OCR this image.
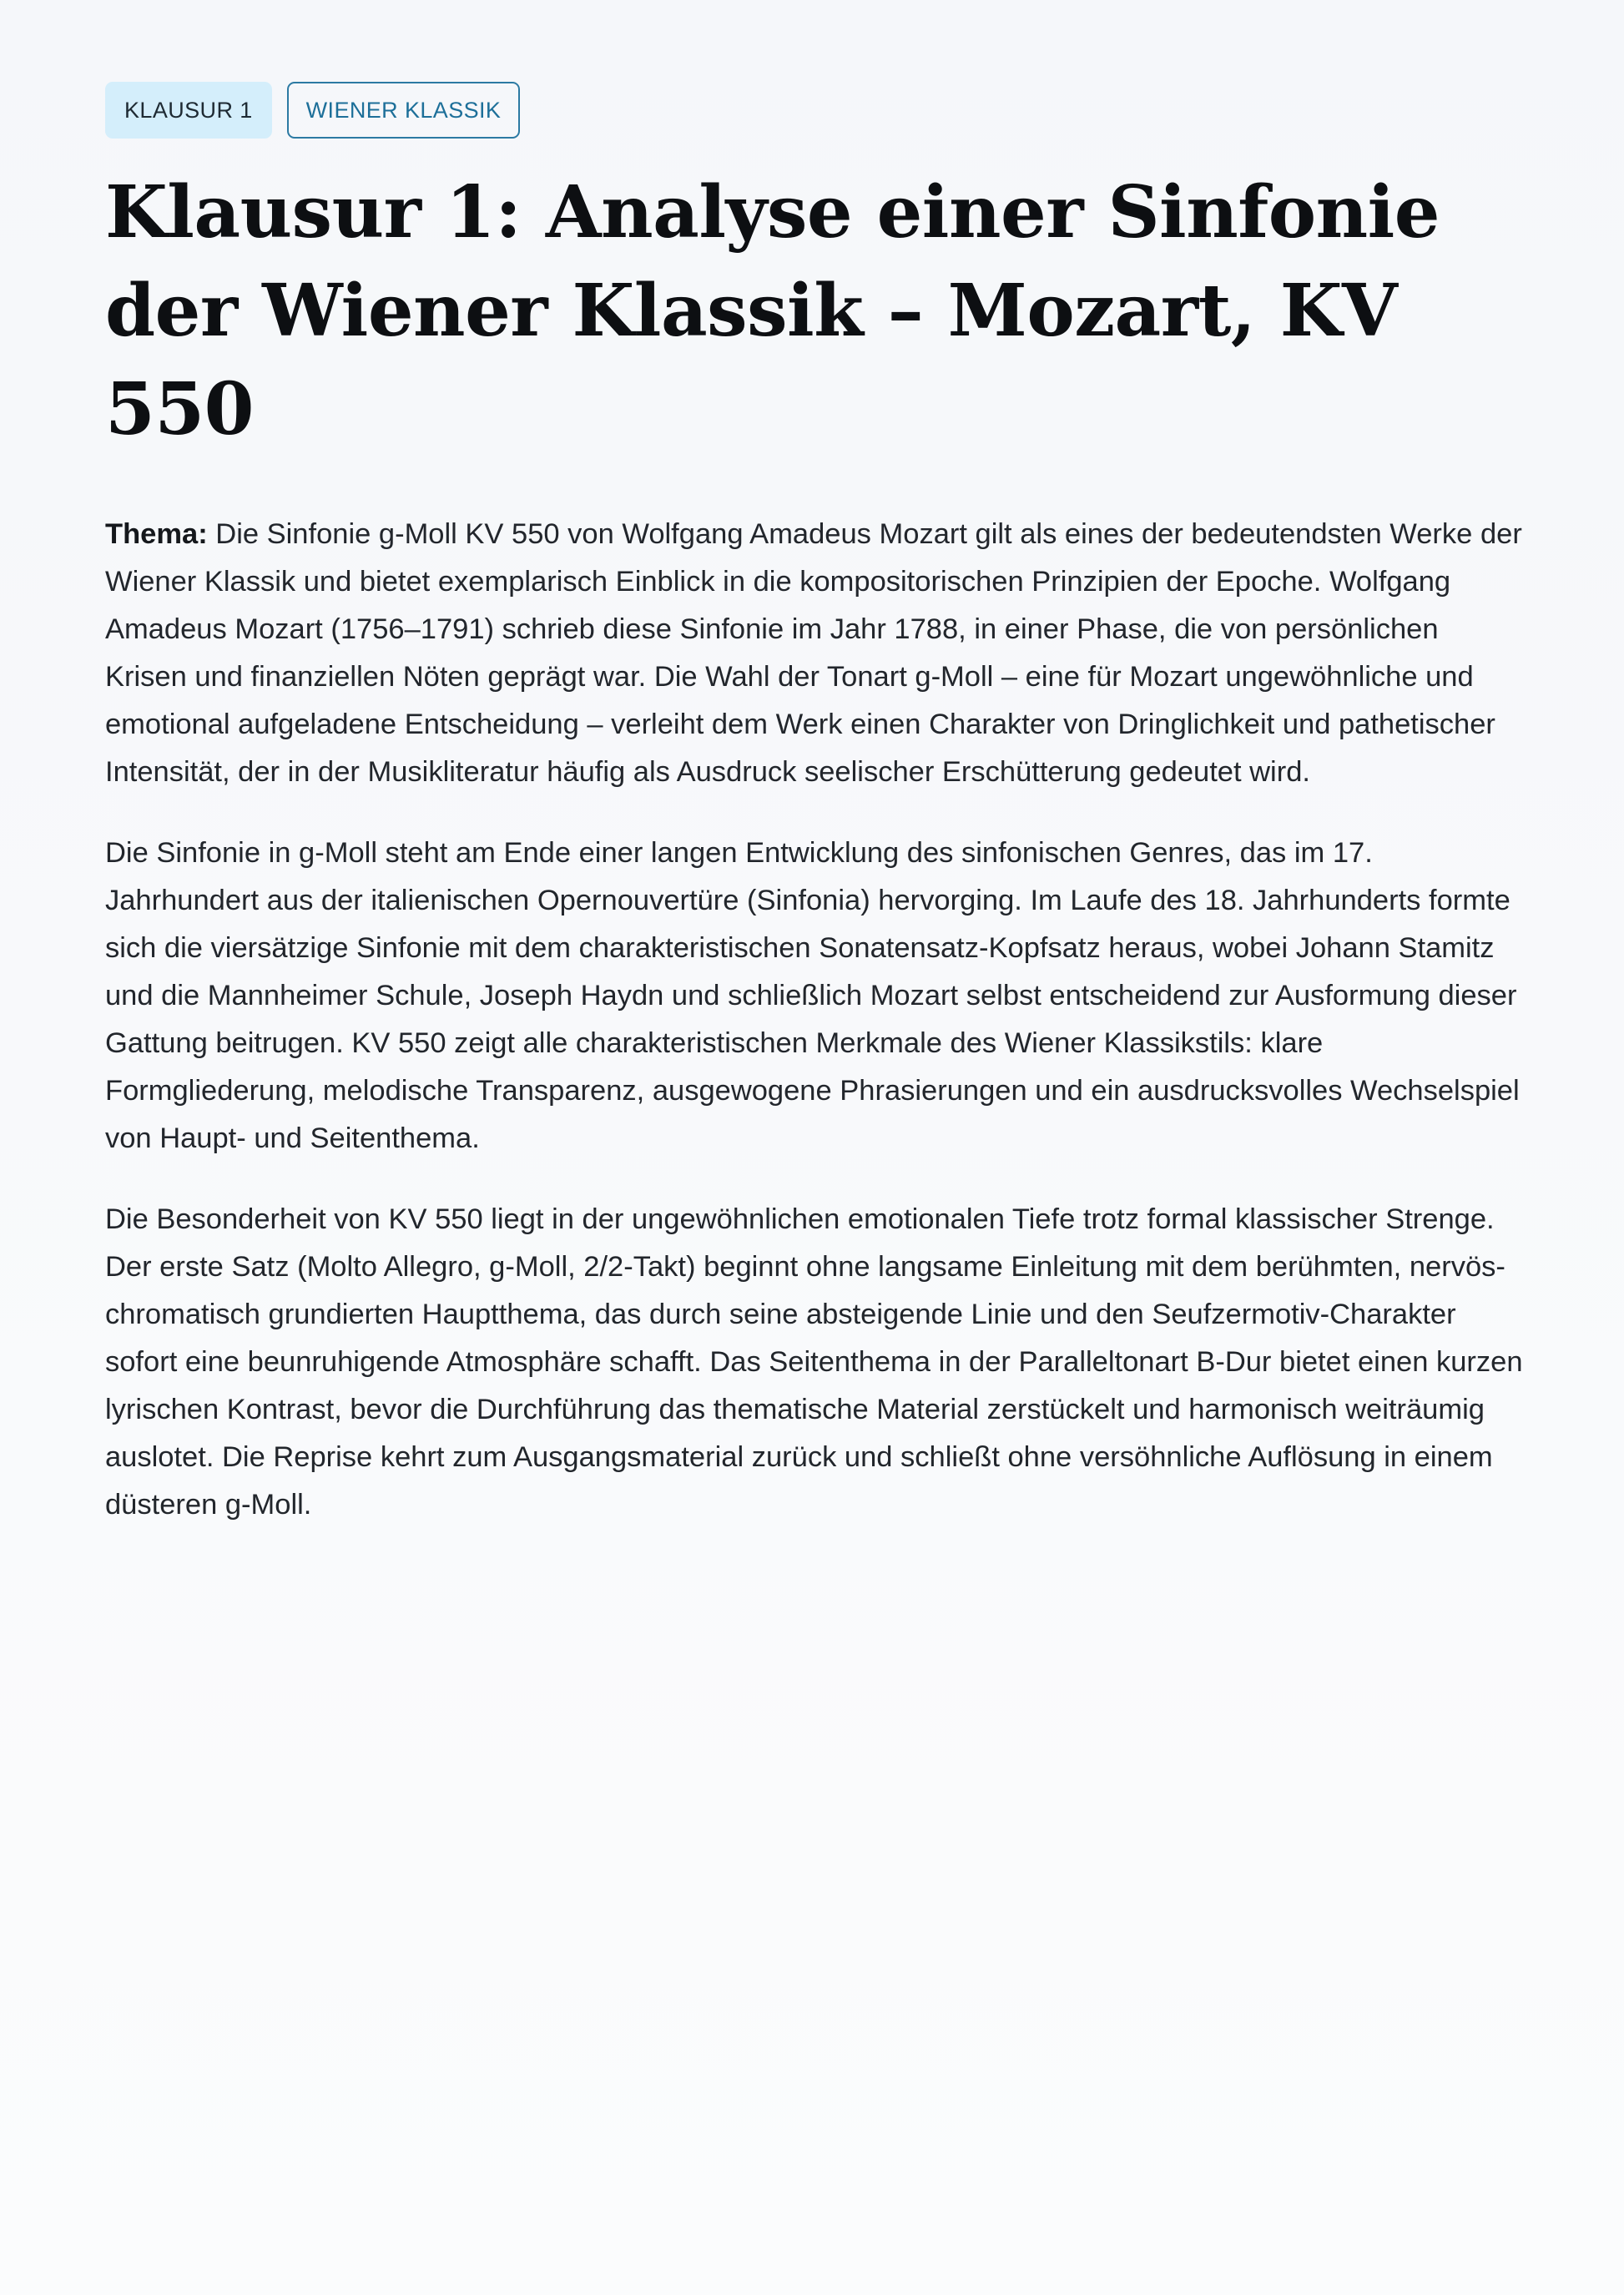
KLAUSUR 1	WIENER KLASSIK
Klausur 1: Analyse einer Sinfonie der Wiener Klassik – Mozart, KV 550

Thema: Die Sinfonie g-Moll KV 550 von Wolfgang Amadeus Mozart gilt als eines der bedeutendsten Werke der Wiener Klassik und bietet exemplarisch Einblick in die kompositorischen Prinzipien der Epoche. Wolfgang Amadeus Mozart (1756–1791) schrieb diese Sinfonie im Jahr 1788, in einer Phase, die von persönlichen Krisen und finanziellen Nöten geprägt war. Die Wahl der Tonart g-Moll – eine für Mozart ungewöhnliche und emotional aufgeladene Entscheidung – verleiht dem Werk einen Charakter von Dringlichkeit und pathetischer Intensität, der in der Musikliteratur häufig als Ausdruck seelischer Erschütterung gedeutet wird.

Die Sinfonie in g-Moll steht am Ende einer langen Entwicklung des sinfonischen Genres, das im 17. Jahrhundert aus der italienischen Opernouvertüre (Sinfonia) hervorging. Im Laufe des 18. Jahrhunderts formte sich die viersätzige Sinfonie mit dem charakteristischen Sonatensatz-Kopfsatz heraus, wobei Johann Stamitz und die Mannheimer Schule, Joseph Haydn und schließlich Mozart selbst entscheidend zur Ausformung dieser Gattung beitrugen. KV 550 zeigt alle charakteristischen Merkmale des Wiener Klassikstils: klare Formgliederung, melodische Transparenz, ausgewogene Phrasierungen und ein ausdrucksvolles Wechselspiel von Haupt- und Seitenthema.

Die Besonderheit von KV 550 liegt in der ungewöhnlichen emotionalen Tiefe trotz formal klassischer Strenge. Der erste Satz (Molto Allegro, g-Moll, 2/2-Takt) beginnt ohne langsame Einleitung mit dem berühmten, nervös-chromatisch grundierten Hauptthema, das durch seine absteigende Linie und den Seufzermotiv-Charakter sofort eine beunruhigende Atmosphäre schafft. Das Seitenthema in der Paralleltonart B-Dur bietet einen kurzen lyrischen Kontrast, bevor die Durchführung das thematische Material zerstückelt und harmonisch weiträumig auslotet. Die Reprise kehrt zum Ausgangsmaterial zurück und schließt ohne versöhnliche Auflösung in einem düsteren g-Moll.
